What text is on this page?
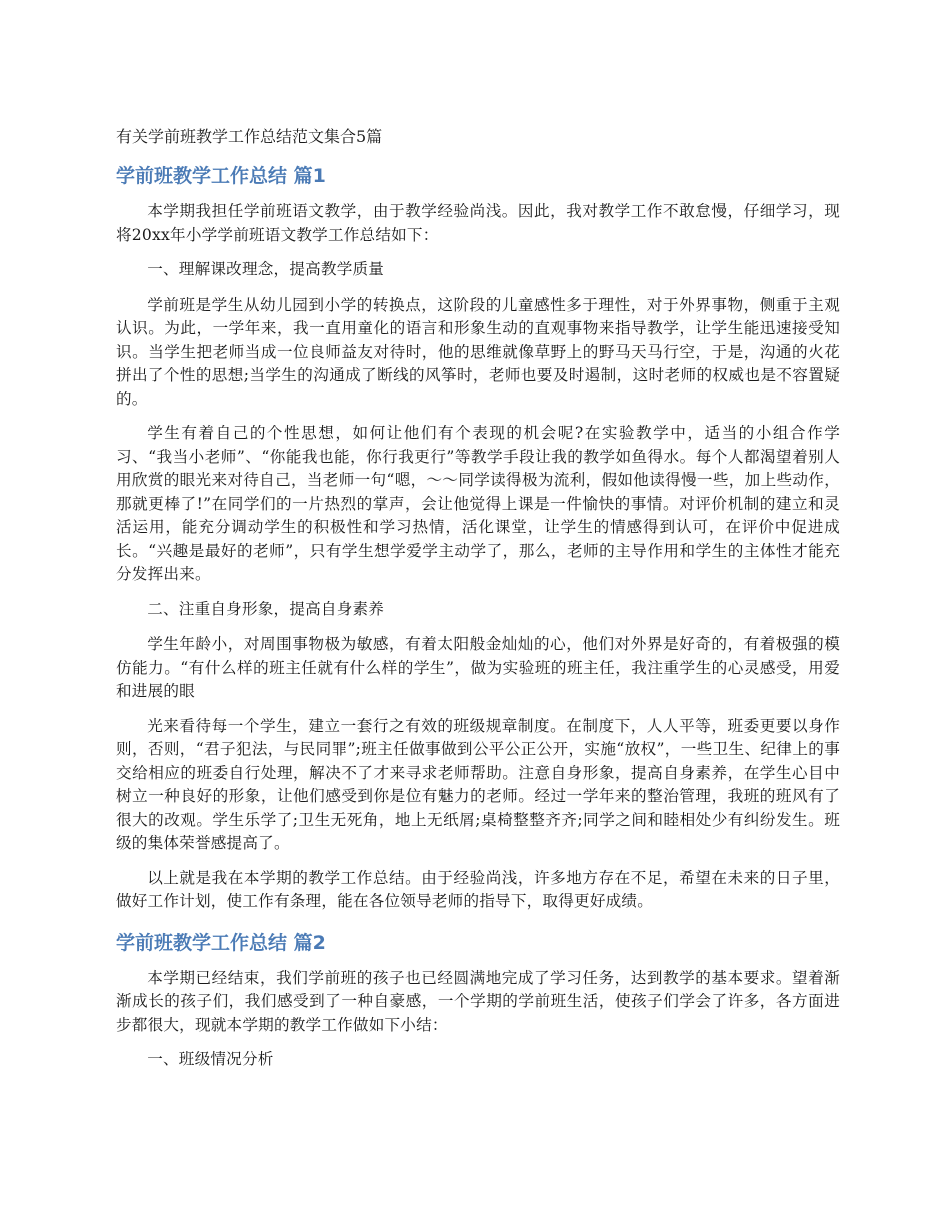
有关学前班教学工作总结范文集合5篇
学前班教学工作总结 篇1

本学期我担任学前班语文教学，由于教学经验尚浅。因此，我对教学工作不敢怠慢，仔细学习，现将20xx年小学学前班语文教学工作总结如下：

一、理解课改理念，提高教学质量

学前班是学生从幼儿园到小学的转换点，这阶段的儿童感性多于理性，对于外界事物，侧重于主观认识。为此，一学年来，我一直用童化的语言和形象生动的直观事物来指导教学，让学生能迅速接受知识。当学生把老师当成一位良师益友对待时，他的思维就像草野上的野马天马行空，于是，沟通的火花拼出了个性的思想;当学生的沟通成了断线的风筝时，老师也要及时遏制，这时老师的权威也是不容置疑的。

学生有着自己的个性思想，如何让他们有个表现的机会呢?在实验教学中，适当的小组合作学习、“我当小老师”、“你能我也能，你行我更行”等教学手段让我的教学如鱼得水。每个人都渴望着别人用欣赏的眼光来对待自己，当老师一句“嗯，～～同学读得极为流利，假如他读得慢一些，加上些动作，那就更棒了!”在同学们的一片热烈的掌声，会让他觉得上课是一件愉快的事情。对评价机制的建立和灵活运用，能充分调动学生的积极性和学习热情，活化课堂，让学生的情感得到认可，在评价中促进成长。“兴趣是最好的老师”，只有学生想学爱学主动学了，那么，老师的主导作用和学生的主体性才能充分发挥出来。

二、注重自身形象，提高自身素养

学生年龄小，对周围事物极为敏感，有着太阳般金灿灿的心，他们对外界是好奇的，有着极强的模仿能力。“有什么样的班主任就有什么样的学生”，做为实验班的班主任，我注重学生的心灵感受，用爱和进展的眼

光来看待每一个学生，建立一套行之有效的班级规章制度。在制度下，人人平等，班委更要以身作则，否则，“君子犯法，与民同罪”;班主任做事做到公平公正公开，实施“放权”，一些卫生、纪律上的事交给相应的班委自行处理，解决不了才来寻求老师帮助。注意自身形象，提高自身素养，在学生心目中树立一种良好的形象，让他们感受到你是位有魅力的老师。经过一学年来的整治管理，我班的班风有了很大的改观。学生乐学了;卫生无死角，地上无纸屑;桌椅整整齐齐;同学之间和睦相处少有纠纷发生。班级的集体荣誉感提高了。

以上就是我在本学期的教学工作总结。由于经验尚浅，许多地方存在不足，希望在未来的日子里，做好工作计划，使工作有条理，能在各位领导老师的指导下，取得更好成绩。

学前班教学工作总结 篇2

本学期已经结束，我们学前班的孩子也已经圆满地完成了学习任务，达到教学的基本要求。望着渐渐成长的孩子们，我们感受到了一种自豪感，一个学期的学前班生活，使孩子们学会了许多，各方面进步都很大，现就本学期的教学工作做如下小结：

一、班级情况分析
